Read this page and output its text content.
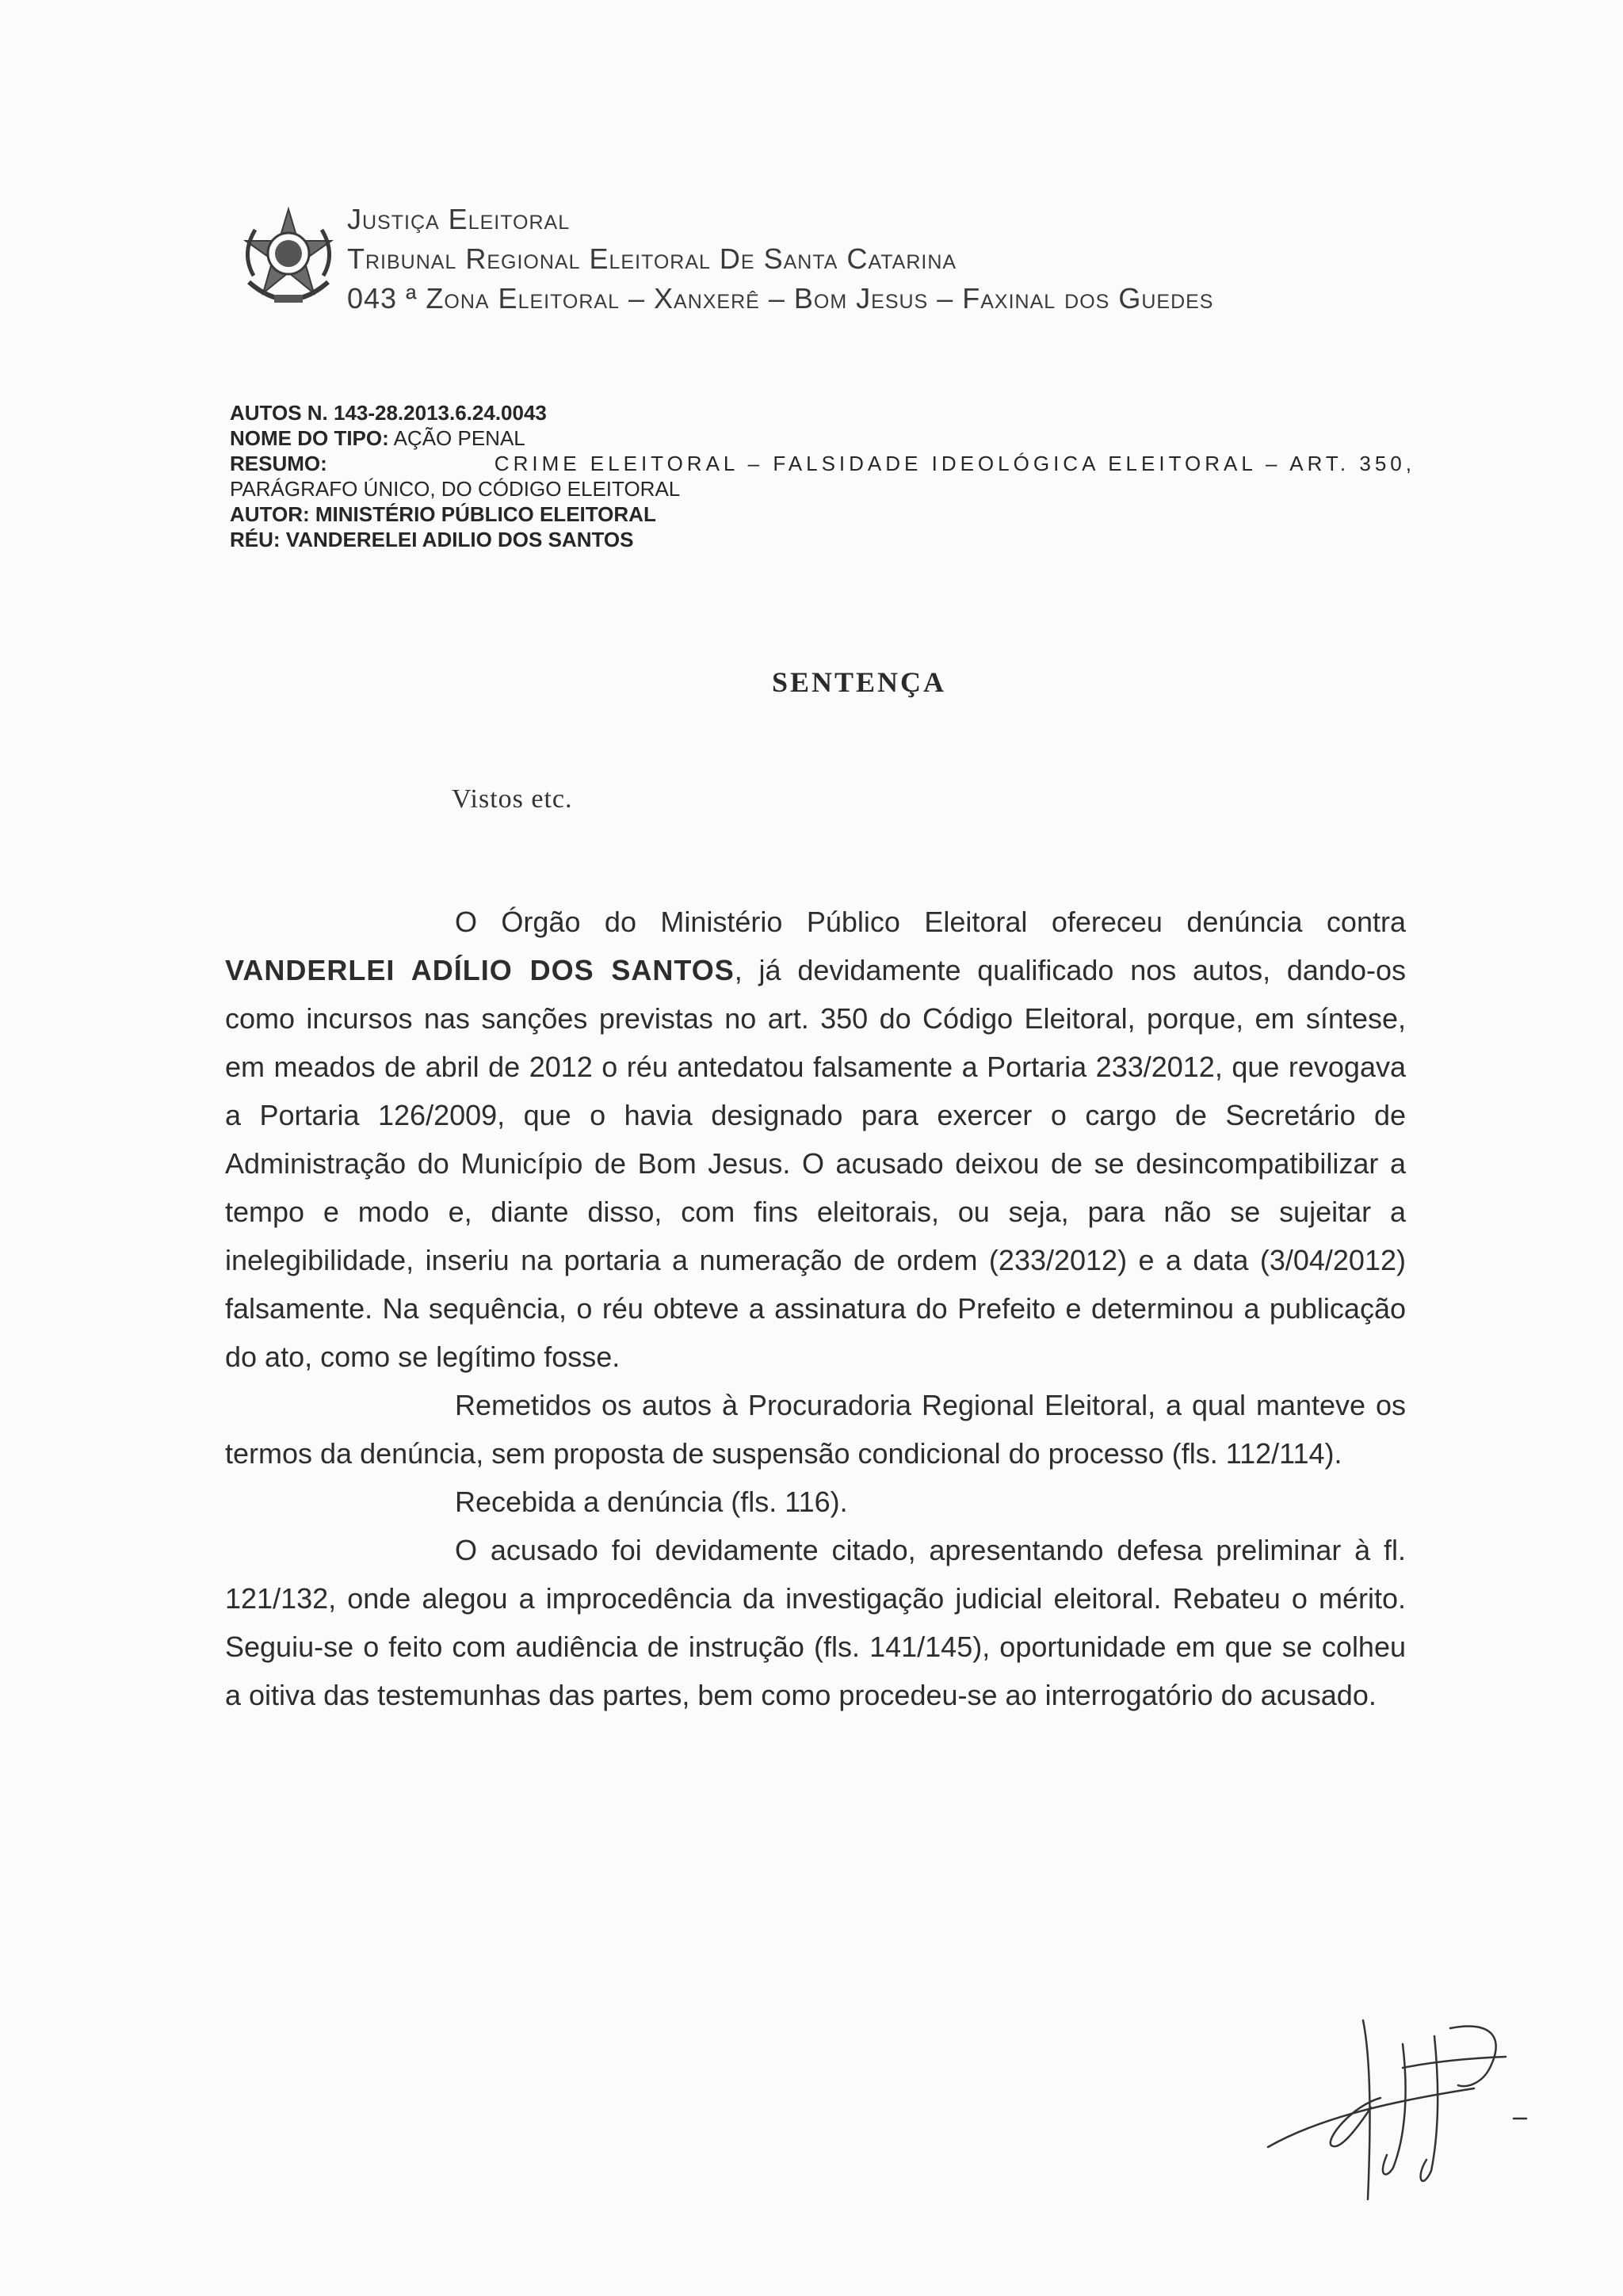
Justiça Eleitoral
Tribunal Regional Eleitoral De Santa Catarina
043 ª Zona Eleitoral – Xanxerê – Bom Jesus – Faxinal dos Guedes
AUTOS N. 143-28.2013.6.24.0043
NOME DO TIPO: AÇÃO PENAL
RESUMO:	CRIME ELEITORAL – FALSIDADE IDEOLÓGICA ELEITORAL – ART. 350,
PARÁGRAFO ÚNICO, DO CÓDIGO ELEITORAL
AUTOR: MINISTÉRIO PÚBLICO ELEITORAL
RÉU: VANDERELEI ADILIO DOS SANTOS
SENTENÇA
Vistos etc.

O Órgão do Ministério Público Eleitoral ofereceu denúncia contra VANDERLEI ADÍLIO DOS SANTOS, já devidamente qualificado nos autos, dando-os como incursos nas sanções previstas no art. 350 do Código Eleitoral, porque, em síntese, em meados de abril de 2012 o réu antedatou falsamente a Portaria 233/2012, que revogava a Portaria 126/2009, que o havia designado para exercer o cargo de Secretário de Administração do Município de Bom Jesus. O acusado deixou de se desincompatibilizar a tempo e modo e, diante disso, com fins eleitorais, ou seja, para não se sujeitar a inelegibilidade, inseriu na portaria a numeração de ordem (233/2012) e a data (3/04/2012) falsamente. Na sequência, o réu obteve a assinatura do Prefeito e determinou a publicação do ato, como se legítimo fosse.

Remetidos os autos à Procuradoria Regional Eleitoral, a qual manteve os termos da denúncia, sem proposta de suspensão condicional do processo (fls. 112/114).

Recebida a denúncia (fls. 116).

O acusado foi devidamente citado, apresentando defesa preliminar à fl. 121/132, onde alegou a improcedência da investigação judicial eleitoral. Rebateu o mérito. Seguiu-se o feito com audiência de instrução (fls. 141/145), oportunidade em que se colheu a oitiva das testemunhas das partes, bem como procedeu-se ao interrogatório do acusado.
